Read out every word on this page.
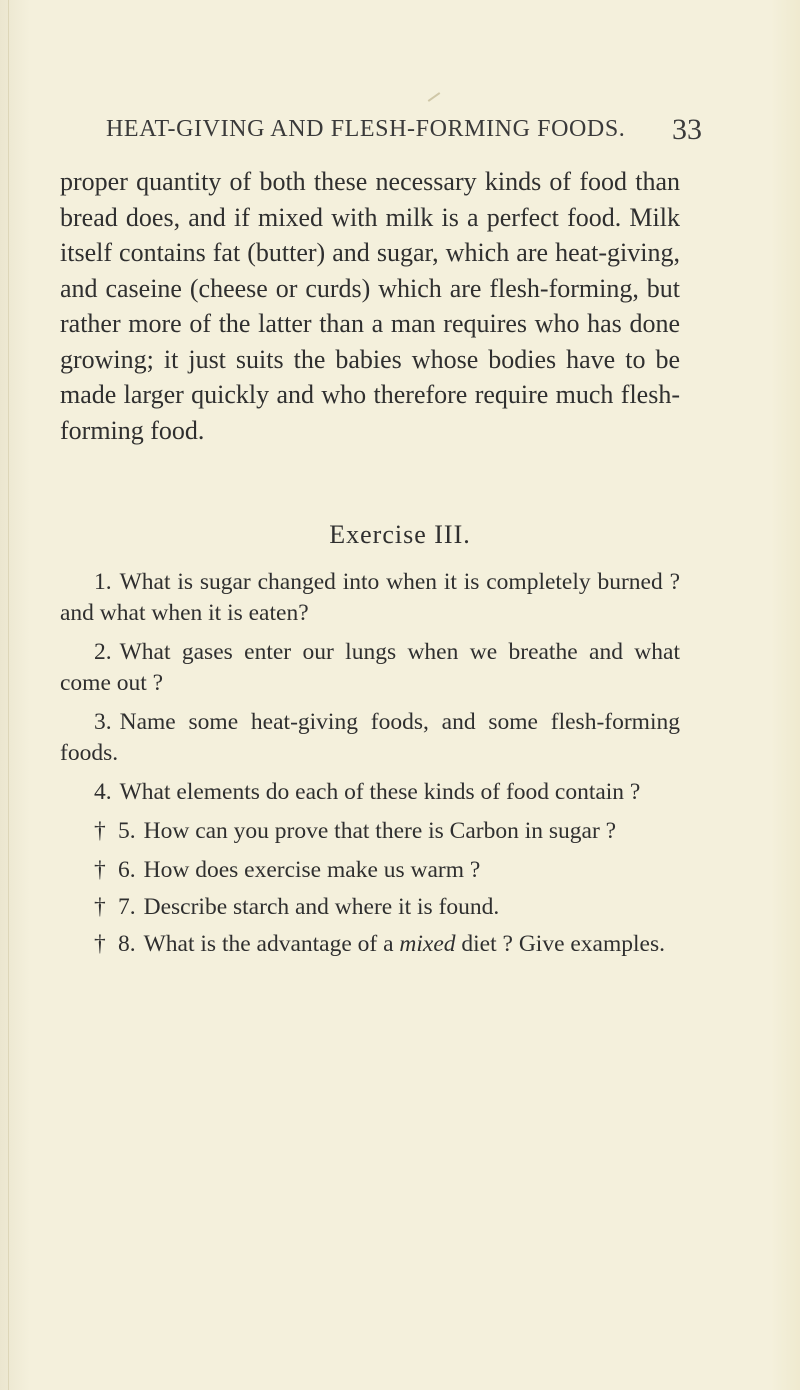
HEAT-GIVING AND FLESH-FORMING FOODS. 33

proper quantity of both these necessary kinds of food than bread does, and if mixed with milk is a perfect food. Milk itself contains fat (butter) and sugar, which are heat-giving, and caseine (cheese or curds) which are flesh-forming, but rather more of the latter than a man requires who has done growing; it just suits the babies whose bodies have to be made larger quickly and who therefore require much flesh-forming food.

Exercise III.
1. What is sugar changed into when it is completely burned ? and what when it is eaten?
2. What gases enter our lungs when we breathe and what come out ?
3. Name some heat-giving foods, and some flesh-forming foods.
4. What elements do each of these kinds of food contain ?
† 5. How can you prove that there is Carbon in sugar ?
† 6. How does exercise make us warm ?
† 7. Describe starch and where it is found.
† 8. What is the advantage of a mixed diet ? Give examples.
